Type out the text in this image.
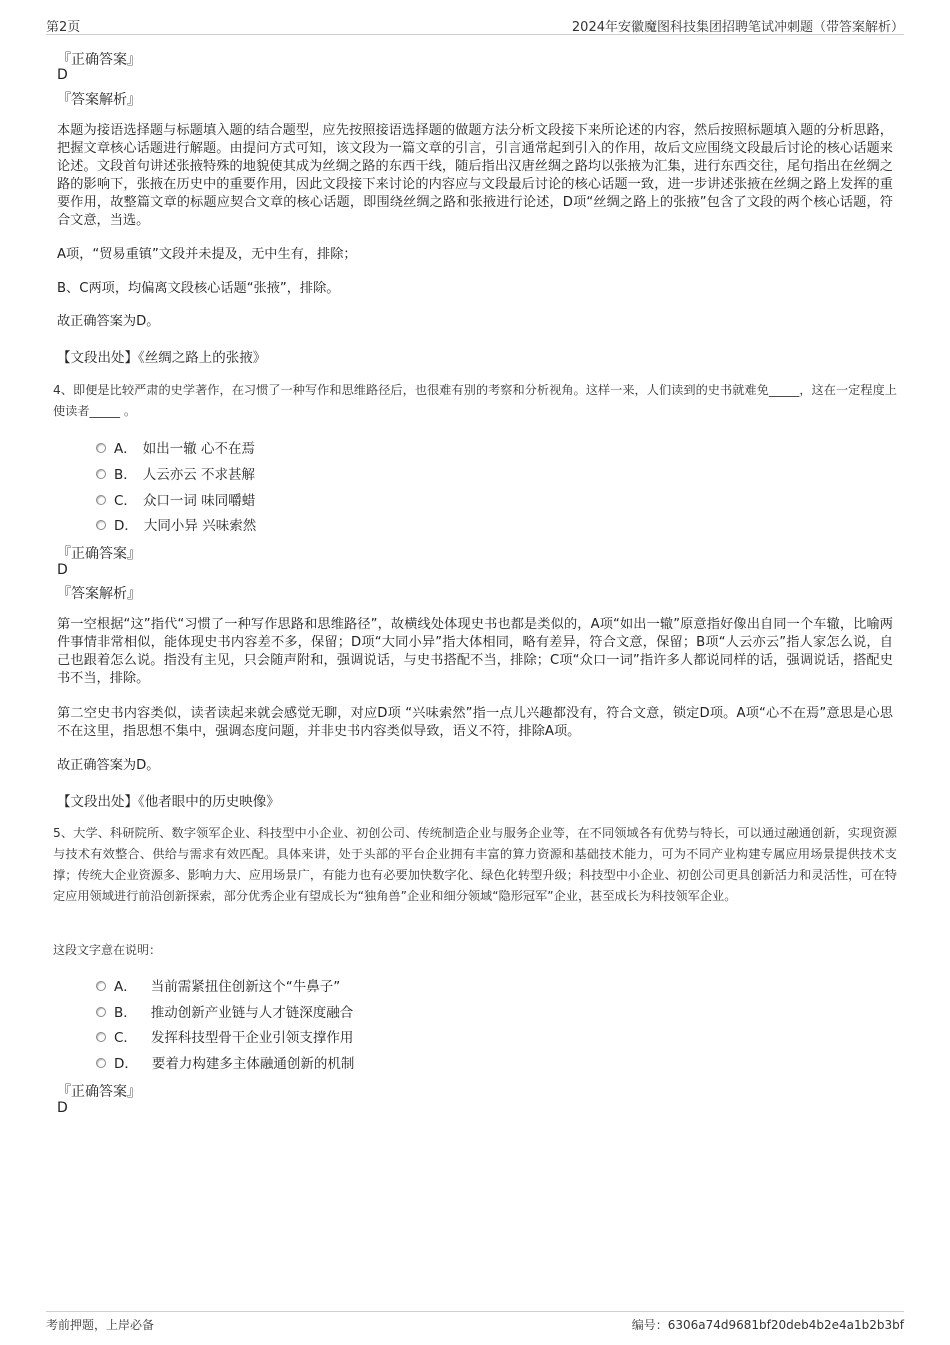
第2页	2024年安徽魔图科技集团招聘笔试冲刺题（带答案解析）
『正确答案』
D
『答案解析』
本题为接语选择题与标题填入题的结合题型，应先按照接语选择题的做题方法分析文段接下来所论述的内容，然后按照标题填入题的分析思路，把握文章核心话题进行解题。由提问方式可知，该文段为一篇文章的引言，引言通常起到引入的作用，故后文应围绕文段最后讨论的核心话题来论述。文段首句讲述张掖特殊的地貌使其成为丝绸之路的东西干线，随后指出汉唐丝绸之路均以张掖为汇集，进行东西交往，尾句指出在丝绸之路的影响下，张掖在历史中的重要作用，因此文段接下来讨论的内容应与文段最后讨论的核心话题一致，进一步讲述张掖在丝绸之路上发挥的重要作用，故整篇文章的标题应契合文章的核心话题，即围绕丝绸之路和张掖进行论述，D项“丝绸之路上的张掖”包含了文段的两个核心话题，符合文意，当选。
A项，“贸易重镇”文段并未提及，无中生有，排除；
B、C两项，均偏离文段核心话题“张掖”，排除。
故正确答案为D。
【文段出处】《丝绸之路上的张掖》
4、即便是比较严肃的史学著作，在习惯了一种写作和思维路径后，也很难有别的考察和分析视角。这样一来，人们读到的史书就难免_____，这在一定程度上使读者_____ 。
A． 如出一辙 心不在焉
B． 人云亦云 不求甚解
C． 众口一词 味同嚼蜡
D． 大同小异 兴味索然
『正确答案』
D
『答案解析』
第一空根据“这”指代“习惯了一种写作思路和思维路径”，故横线处体现史书也都是类似的，A项“如出一辙”原意指好像出自同一个车辙，比喻两件事情非常相似，能体现史书内容差不多，保留；D项“大同小异”指大体相同，略有差异，符合文意，保留；B项“人云亦云”指人家怎么说，自己也跟着怎么说。指没有主见，只会随声附和，强调说话，与史书搭配不当，排除；C项“众口一词”指许多人都说同样的话，强调说话，搭配史书不当，排除。
第二空史书内容类似，读者读起来就会感觉无聊，对应D项 “兴味索然”指一点儿兴趣都没有，符合文意，锁定D项。A项“心不在焉”意思是心思不在这里，指思想不集中，强调态度问题，并非史书内容类似导致，语义不符，排除A项。
故正确答案为D。
【文段出处】《他者眼中的历史映像》
5、大学、科研院所、数字领军企业、科技型中小企业、初创公司、传统制造企业与服务企业等，在不同领域各有优势与特长，可以通过融通创新，实现资源与技术有效整合、供给与需求有效匹配。具体来讲，处于头部的平台企业拥有丰富的算力资源和基础技术能力，可为不同产业构建专属应用场景提供技术支撑；传统大企业资源多、影响力大、应用场景广，有能力也有必要加快数字化、绿色化转型升级；科技型中小企业、初创公司更具创新活力和灵活性，可在特定应用领域进行前沿创新探索，部分优秀企业有望成长为“独角兽”企业和细分领域“隐形冠军”企业，甚至成长为科技领军企业。
这段文字意在说明：
A． 当前需紧扭住创新这个“牛鼻子”
B． 推动创新产业链与人才链深度融合
C． 发挥科技型骨干企业引领支撑作用
D． 要着力构建多主体融通创新的机制
『正确答案』
D
考前押题，上岸必备	编号：6306a74d9681bf20deb4b2e4a1b2b3bf
